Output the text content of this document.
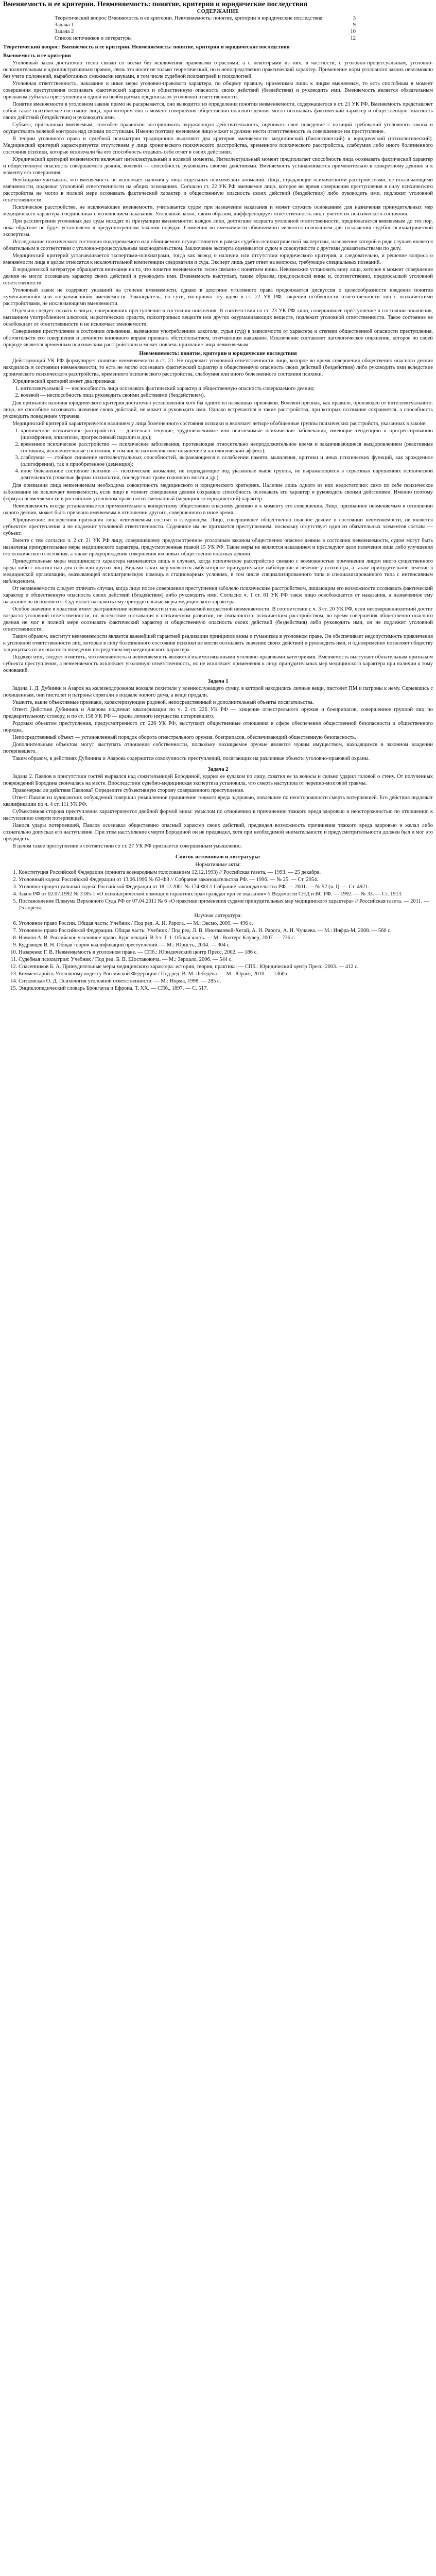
Вменяемость и ее критерии. Невменяемость: понятие, критерии и юридические последствия
СОДЕРЖАНИЕ
Теоретический вопрос Вменяемость и ее критерии. Невменяемость: понятие, критерии и юридические последствия	3
Задача 1	9
Задача 2	10
Список источников и литературы	12
Теоретический вопрос: Вменяемость и ее критерии. Невменяемость: понятие, критерии и юридические последствия
Вменяемость и ее критерии

Уголовный закон достаточно тесно связан со всеми без исключения правовыми отраслями, а с некоторыми из них, в частности, с уголовно-процессуальным, уголовно-исполнительным и административным правом, связь эта носит не только теоретический, но и непосредственно практический характер. Применение норм уголовного закона невозможно без учета положений, выработанных смежными науками, в том числе судебной психиатрией и психологией.

Уголовная ответственность, наказание и иные меры уголовно-правового характера, по общему правилу, применимы лишь к лицам вменяемым, то есть способным в момент совершения преступления осознавать фактический характер и общественную опасность своих действий (бездействия) и руководить ими. Вменяемость является обязательным признаком субъекта преступления и одной из необходимых предпосылок уголовной ответственности.

Понятие вменяемости в уголовном законе прямо не раскрывается, оно выводится из определения понятия невменяемости, содержащегося в ст. 21 УК РФ. Вменяемость представляет собой такое психическое состояние лица, при котором оно в момент совершения общественно опасного деяния могло осознавать фактический характер и общественную опасность своих действий (бездействия) и руководить ими.

Субъект, признанный вменяемым, способен правильно воспринимать окружающую действительность, оценивать свое поведение с позиций требований уголовного закона и осуществлять волевой контроль над своими поступками. Именно поэтому вменяемое лицо может и должно нести ответственность за совершенное им преступление.

В теории уголовного права и судебной психиатрии традиционно выделяют два критерия вменяемости: медицинский (биологический) и юридический (психологический). Медицинский критерий характеризуется отсутствием у лица хронического психического расстройства, временного психического расстройства, слабоумия либо иного болезненного состояния психики, которые исключали бы его способность отдавать себе отчет в своих действиях.

Юридический критерий вменяемости включает интеллектуальный и волевой моменты. Интеллектуальный момент предполагает способность лица осознавать фактический характер и общественную опасность совершаемого деяния, волевой — способность руководить своими действиями. Вменяемость устанавливается применительно к конкретному деянию и к моменту его совершения.

Необходимо учитывать, что вменяемость не исключает наличия у лица отдельных психических аномалий. Лица, страдающие психическими расстройствами, не исключающими вменяемости, подлежат уголовной ответственности на общих основаниях. Согласно ст. 22 УК РФ вменяемое лицо, которое во время совершения преступления в силу психического расстройства не могло в полной мере осознавать фактический характер и общественную опасность своих действий (бездействия) либо руководить ими, подлежит уголовной ответственности.

Психическое расстройство, не исключающее вменяемости, учитывается судом при назначении наказания и может служить основанием для назначения принудительных мер медицинского характера, соединенных с исполнением наказания. Уголовный закон, таким образом, дифференцирует ответственность лиц с учетом их психического состояния.

При рассмотрении уголовных дел суды исходят из презумпции вменяемости: каждое лицо, достигшее возраста уголовной ответственности, предполагается вменяемым до тех пор, пока обратное не будет установлено в предусмотренном законом порядке. Сомнения во вменяемости обвиняемого являются основанием для назначения судебно-психиатрической экспертизы.

Исследование психического состояния подозреваемого или обвиняемого осуществляется в рамках судебно-психиатрической экспертизы, назначение которой в ряде случаев является обязательным в соответствии с уголовно-процессуальным законодательством. Заключение эксперта оценивается судом в совокупности с другими доказательствами по делу.

Медицинский критерий устанавливается экспертами-психиатрами, тогда как вывод о наличии или отсутствии юридического критерия, а следовательно, и решение вопроса о вменяемости лица в целом относятся к исключительной компетенции следователя и суда. Эксперт лишь дает ответ на вопросы, требующие специальных познаний.

В юридической литературе обращается внимание на то, что понятие вменяемости тесно связано с понятием вины. Невозможно установить вину лица, которое в момент совершения деяния не могло осознавать характер своих действий и руководить ими. Вменяемость выступает, таким образом, предпосылкой вины и, соответственно, предпосылкой уголовной ответственности.

Уголовный закон не содержит указаний на степени вменяемости, однако в доктрине уголовного права продолжается дискуссия о целесообразности введения понятия «уменьшенной» или «ограниченной» вменяемости. Законодатель, по сути, воспринял эту идею в ст. 22 УК РФ, закрепив особенности ответственности лиц с психическими расстройствами, не исключающими вменяемости.

Отдельно следует сказать о лицах, совершивших преступление в состоянии опьянения. В соответствии со ст. 23 УК РФ лицо, совершившее преступление в состоянии опьянения, вызванном употреблением алкоголя, наркотических средств, психотропных веществ или других одурманивающих веществ, подлежит уголовной ответственности. Такое состояние не освобождает от ответственности и не исключает вменяемости.

Совершение преступления в состоянии опьянения, вызванном употреблением алкоголя, судья (суд) в зависимости от характера и степени общественной опасности преступления, обстоятельств его совершения и личности виновного вправе признать обстоятельством, отягчающим наказание. Исключение составляет патологическое опьянение, которое по своей природе является временным психическим расстройством и может повлечь признание лица невменяемым.

Невменяемость: понятие, критерии и юридические последствия

Действующий УК РФ формулирует понятие невменяемости в ст. 21. Не подлежит уголовной ответственности лицо, которое во время совершения общественно опасного деяния находилось в состоянии невменяемости, то есть не могло осознавать фактический характер и общественную опасность своих действий (бездействия) либо руководить ими вследствие хронического психического расстройства, временного психического расстройства, слабоумия или иного болезненного состояния психики.

Юридический критерий имеет два признака:

1. интеллектуальный — неспособность лица осознавать фактический характер и общественную опасность совершаемого деяния;
2. волевой — неспособность лица руководить своими действиями (бездействием).

Для признания наличия юридического критерия достаточно установления хотя бы одного из названных признаков. Волевой признак, как правило, производен от интеллектуального: лицо, не способное осознавать значение своих действий, не может и руководить ими. Однако встречаются и такие расстройства, при которых осознание сохраняется, а способность руководить поведением утрачена.

Медицинский критерий характеризуется наличием у лица болезненного состояния психики и включает четыре обобщенные группы психических расстройств, указанных в законе:

1. хроническое психическое расстройство — длительно текущие, трудноизлечимые или неизлечимые психические заболевания, имеющие тенденцию к прогрессированию (шизофрения, эпилепсия, прогрессивный паралич и др.);
2. временное психическое расстройство — психические заболевания, протекающие относительно непродолжительное время и заканчивающиеся выздоровлением (реактивные состояния, исключительные состояния, в том числе патологическое опьянение и патологический аффект);
3. слабоумие — стойкое снижение интеллектуальных способностей, выражающееся в ослаблении памяти, мышления, критики и иных психических функций, как врожденное (олигофрения), так и приобретенное (деменция);
4. иное болезненное состояние психики — психические аномалии, не подпадающие под указанные выше группы, но выражающиеся в серьезных нарушениях психической деятельности (тяжелые формы психопатии, последствия травм головного мозга и др.).

Для признания лица невменяемым необходима совокупность медицинского и юридического критериев. Наличие лишь одного из них недостаточно: само по себе психическое заболевание не исключает вменяемости, если лицо в момент совершения деяния сохраняло способность осознавать его характер и руководить своими действиями. Именно поэтому формула невменяемости в российском уголовном праве носит смешанный (медицинско-юридический) характер.

Невменяемость всегда устанавливается применительно к конкретному общественно опасному деянию и к моменту его совершения. Лицо, признанное невменяемым в отношении одного деяния, может быть признано вменяемым в отношении другого, совершенного в иное время.

Юридические последствия признания лица невменяемым состоят в следующем. Лицо, совершившее общественно опасное деяние в состоянии невменяемости, не является субъектом преступления и не подлежит уголовной ответственности. Содеянное им не признается преступлением, поскольку отсутствует один из обязательных элементов состава — субъект.

Вместе с тем согласно ч. 2 ст. 21 УК РФ лицу, совершившему предусмотренное уголовным законом общественно опасное деяние в состоянии невменяемости, судом могут быть назначены принудительные меры медицинского характера, предусмотренные главой 15 УК РФ. Такие меры не являются наказанием и преследуют цели излечения лица либо улучшения его психического состояния, а также предупреждения совершения им новых общественно опасных деяний.

Принудительные меры медицинского характера назначаются лишь в случаях, когда психическое расстройство связано с возможностью причинения лицом иного существенного вреда либо с опасностью для себя или других лиц. Видами таких мер являются амбулаторное принудительное наблюдение и лечение у психиатра, а также принудительное лечение в медицинской организации, оказывающей психиатрическую помощь в стационарных условиях, в том числе специализированного типа и специализированного типа с интенсивным наблюдением.

От невменяемости следует отличать случаи, когда лицо после совершения преступления заболело психическим расстройством, лишающим его возможности осознавать фактический характер и общественную опасность своих действий (бездействия) либо руководить ими. Согласно ч. 1 ст. 81 УК РФ такое лицо освобождается от наказания, а назначенное ему наказание не исполняется. Суд может назначить ему принудительные меры медицинского характера.

Особое значение в практике имеет разграничение невменяемости и так называемой возрастной невменяемости. В соответствии с ч. 3 ст. 20 УК РФ, если несовершеннолетний достиг возраста уголовной ответственности, но вследствие отставания в психическом развитии, не связанного с психическим расстройством, во время совершения общественно опасного деяния не мог в полной мере осознавать фактический характер и общественную опасность своих действий (бездействия) либо руководить ими, он не подлежит уголовной ответственности.

Таким образом, институт невменяемости является важнейшей гарантией реализации принципов вины и гуманизма в уголовном праве. Он обеспечивает недопустимость привлечения к уголовной ответственности лиц, которые в силу болезненного состояния психики не могли осознавать значение своих действий и руководить ими, и одновременно позволяет обществу защищаться от их опасного поведения посредством мер медицинского характера.

Подводя итог, следует отметить, что вменяемость и невменяемость являются взаимосвязанными уголовно-правовыми категориями. Вменяемость выступает обязательным признаком субъекта преступления, а невменяемость исключает уголовную ответственность, но не исключает применения к лицу принудительных мер медицинского характера при наличии к тому оснований.

Задача 1

Задача 1. Д. Дубинин и Азаров на железнодорожном вокзале похитили у военнослужащего сумку, в которой находились личные вещи, пистолет ПМ и патроны к нему. Скрывшись с похищенным, они пистолет и патроны спрятали в подвале жилого дома, а вещи продали.

Укажите, какие объективные признаки, характеризующие родовой, непосредственный и дополнительный объекты посягательства.

Ответ: Действия Дубинина и Азарова подлежат квалификации по ч. 2 ст. 226 УК РФ — хищение огнестрельного оружия и боеприпасов, совершенное группой лиц по предварительному сговору, и по ст. 158 УК РФ — кража личного имущества потерпевшего.

Родовым объектом преступления, предусмотренного ст. 226 УК РФ, выступают общественные отношения в сфере обеспечения общественной безопасности и общественного порядка.

Непосредственный объект — установленный порядок оборота огнестрельного оружия, боеприпасов, обеспечивающий общественную безопасность.

Дополнительным объектом могут выступать отношения собственности, поскольку похищаемое оружие является чужим имуществом, находящимся в законном владении потерпевшего.

Таким образом, в действиях Дубинина и Азарова содержится совокупность преступлений, посягающих на различные объекты уголовно-правовой охраны.

Задача 2

Задача 2. Павлов в присутствии гостей вырвался над сожительницей Бородиной, ударил ее кулаком по лицу, схватил ее за волосы и сильно ударил головой о стену. От полученных повреждений Бородина скончалась на месте. Впоследствии судебно-медицинская экспертиза установила, что смерть наступила от черепно-мозговой травмы.

Правомерны ли действия Павлова? Определите субъективную сторону совершенного преступления.

Ответ: Павлов из хулиганских побуждений совершил умышленное причинение тяжкого вреда здоровью, повлекшее по неосторожности смерть потерпевшей. Его действия подлежат квалификации по ч. 4 ст. 111 УК РФ.

Субъективная сторона преступления характеризуется двойной формой вины: умыслом по отношению к причинению тяжкого вреда здоровью и неосторожностью по отношению к наступлению смерти потерпевшей.

Нанося удары потерпевшей, Павлов осознавал общественно опасный характер своих действий, предвидел возможность причинения тяжкого вреда здоровью и желал либо сознательно допускал его наступление. При этом наступление смерти Бородиной он не предвидел, хотя при необходимой внимательности и предусмотрительности должен был и мог это предвидеть.

В целом такое преступление в соответствии со ст. 27 УК РФ признается совершенным умышленно.

Список источников и литературы:
Нормативные акты:
1. Конституция Российской Федерации (принята всенародным голосованием 12.12.1993) // Российская газета. — 1993. — 25 декабря.
2. Уголовный кодекс Российской Федерации от 13.06.1996 № 63-ФЗ // Собрание законодательства РФ. — 1996. — № 25. — Ст. 2954.
3. Уголовно-процессуальный кодекс Российской Федерации от 18.12.2001 № 174-ФЗ // Собрание законодательства РФ. — 2001. — № 52 (ч. I). — Ст. 4921.
4. Закон РФ от 02.07.1992 № 3185-1 «О психиатрической помощи и гарантиях прав граждан при ее оказании» // Ведомости СНД и ВС РФ. — 1992. — № 33. — Ст. 1913.
5. Постановление Пленума Верховного Суда РФ от 07.04.2011 № 6 «О практике применения судами принудительных мер медицинского характера» // Российская газета. — 2011. — 15 апреля.
Научная литература:
6. Уголовное право России. Общая часть: Учебник / Под ред. А. И. Рарога. — М.: Эксмо, 2009. — 496 с.
7. Уголовное право Российской Федерации. Общая часть: Учебник / Под ред. Л. В. Иногамовой-Хегай, А. И. Рарога, А. И. Чучаева. — М.: Инфра-М, 2008. — 560 с.
8. Наумов А. В. Российское уголовное право. Курс лекций: В 3 т. Т. 1. Общая часть. — М.: Волтерс Клувер, 2007. — 736 с.
9. Кудрявцев В. Н. Общая теория квалификации преступлений. — М.: Юристъ, 2004. — 304 с.
10. Назаренко Г. В. Невменяемость в уголовном праве. — СПб.: Юридический центр Пресс, 2002. — 186 с.
11. Судебная психиатрия: Учебник / Под ред. Б. В. Шостаковича. — М.: Зерцало, 2006. — 544 с.
12. Спасенников Б. А. Принудительные меры медицинского характера: история, теория, практика. — СПб.: Юридический центр Пресс, 2003. — 412 с.
13. Комментарий к Уголовному кодексу Российской Федерации / Под ред. В. М. Лебедева. — М.: Юрайт, 2010. — 1360 с.
14. Ситковская О. Д. Психология уголовной ответственности. — М.: Норма, 1998. — 285 с.
15. Энциклопедический словарь Брокгауза и Ефрона. Т. XX. — СПб., 1897. — С. 517.
